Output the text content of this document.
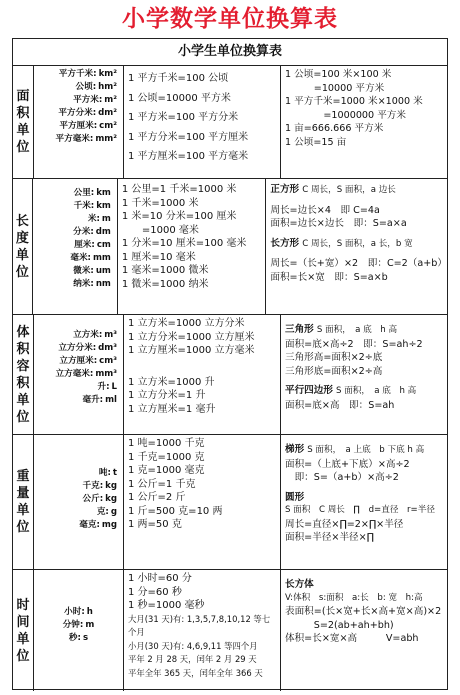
小学数学单位换算表
小学生单位换算表
面
积
单
位
平方千米: km²
公顷: hm²
平方米: m²
平方分米: dm²
平方厘米: cm²
平方毫米: mm²
1 平方千米=100 公顷
1 公顷=10000 平方米
1 平方米=100 平方分米
1 平方分米=100 平方厘米
1 平方厘米=100 平方毫米
1 公顷=100 米×100 米
　　　=10000 平方米
1 平方千米=1000 米×1000 米
　　　　=1000000 平方米
1 亩=666.666 平方米
1 公顷=15 亩
长
度
单
位
公里: km
千米: km
米: m
分米: dm
厘米: cm
毫米: mm
微米: um
纳米: nm
1 公里=1 千米=1000 米
1 千米=1000 米
1 米=10 分米=100 厘米
　　=1000 毫米
1 分米=10 厘米=100 毫米
1 厘米=10 毫米
1 毫米=1000 微米
1 微米=1000 纳米
正方形 C 周长，S 面积，a 边长
周长=边长×4　即 C=4a
面积=边长×边长　即：S=a×a
长方形 C 周长，S 面积，a 长，b 宽
周长=（长+宽）×2　即：C=2（a+b）
面积=长×宽　即：S=a×b
体
积
容
积
单
位
立方米: m³
立方分米: dm³
立方厘米: cm³
立方毫米: mm³
升: L
毫升: ml
1 立方米=1000 立方分米
1 立方分米=1000 立方厘米
1 立方厘米=1000 立方毫米
1 立方米=1000 升
1 立方分米=1 升
1 立方厘米=1 毫升
三角形 S 面积，　a 底　h 高
面积=底×高÷2　即：S=ah÷2
三角形高=面积×2÷底
三角形底=面积×2÷高
平行四边形 S 面积，　a 底　h 高
面积=底×高　即：S=ah
重
量
单
位
吨: t
千克: kg
公斤: kg
克: g
毫克: mg
1 吨=1000 千克
1 千克=1000 克
1 克=1000 毫克
1 公斤=1 千克
1 公斤=2 斤
1 斤=500 克=10 两
1 两=50 克
梯形 S 面积，　a 上底　b 下底 h 高
面积=（上底+下底）×高÷2
　即：S=（a+b）×高÷2
圆形
S 面积　C 周长　∏　d=直径　r=半径
周长=直径×∏=2×∏×半径
面积=半径×半径×∏
时
间
单
位
小时: h
分钟: m
秒: s
1 小时=60 分
1 分=60 秒
1 秒=1000 毫秒
大月(31 天)有: 1,3,5,7,8,10,12 等七
个月
小月(30 天)有: 4,6,9,11 等四个月
平年 2 月 28 天，闰年 2 月 29 天
平年全年 365 天，闰年全年 366 天
长方体
V:体积　s:面积　a:长　b: 宽　h:高
表面积=(长×宽+长×高+宽×高)×2
　　　S=2(ab+ah+bh)
体积=长×宽×高　　　V=abh
